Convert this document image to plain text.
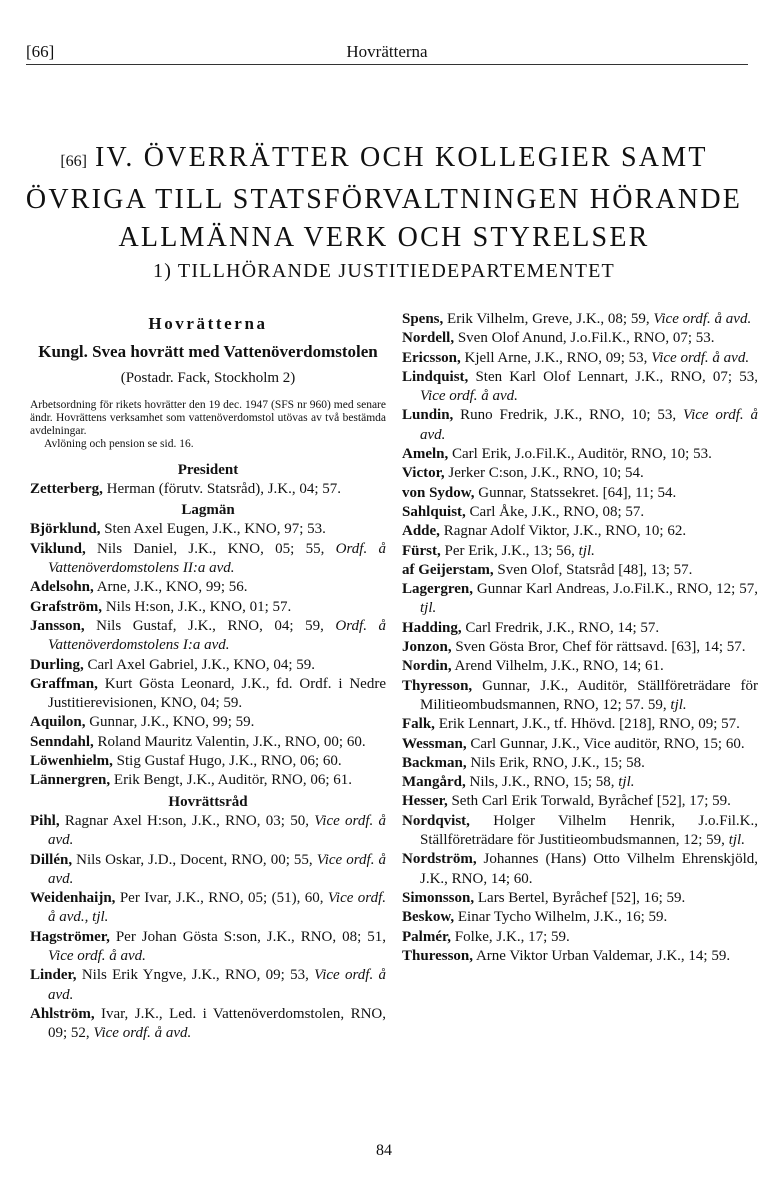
[66]	Hovrätterna
[66] IV. ÖVERRÄTTER OCH KOLLEGIER SAMT
ÖVRIGA TILL STATSFÖRVALTNINGEN HÖRANDE
ALLMÄNNA VERK OCH STYRELSER
1) TILLHÖRANDE JUSTITIEDEPARTEMENTET
Hovrätterna
Kungl. Svea hovrätt med Vattenöverdomstolen
(Postadr. Fack, Stockholm 2)
Arbetsordning för rikets hovrätter den 19 dec. 1947 (SFS nr 960) med senare ändr. Hovrättens verksamhet som vattenöverdomstol utövas av två bestämda avdelningar.
Avlöning och pension se sid. 16.
President
Zetterberg, Herman (förutv. Statsråd), J.K., 04; 57.
Lagmän
Björklund, Sten Axel Eugen, J.K., KNO, 97; 53.
Viklund, Nils Daniel, J.K., KNO, 05; 55, Ordf. å Vattenöverdomstolens II:a avd.
Adelsohn, Arne, J.K., KNO, 99; 56.
Grafström, Nils H:son, J.K., KNO, 01; 57.
Jansson, Nils Gustaf, J.K., RNO, 04; 59, Ordf. å Vattenöverdomstolens I:a avd.
Durling, Carl Axel Gabriel, J.K., KNO, 04; 59.
Graffman, Kurt Gösta Leonard, J.K., fd. Ordf. i Nedre Justitierevisionen, KNO, 04; 59.
Aquilon, Gunnar, J.K., KNO, 99; 59.
Senndahl, Roland Mauritz Valentin, J.K., RNO, 00; 60.
Löwenhielm, Stig Gustaf Hugo, J.K., RNO, 06; 60.
Lännergren, Erik Bengt, J.K., Auditör, RNO, 06; 61.
Hovrättsråd
Pihl, Ragnar Axel H:son, J.K., RNO, 03; 50, Vice ordf. å avd.
Dillén, Nils Oskar, J.D., Docent, RNO, 00; 55, Vice ordf. å avd.
Weidenhaijn, Per Ivar, J.K., RNO, 05; (51), 60, Vice ordf. å avd., tjl.
Hagströmer, Per Johan Gösta S:son, J.K., RNO, 08; 51, Vice ordf. å avd.
Linder, Nils Erik Yngve, J.K., RNO, 09; 53, Vice ordf. å avd.
Ahlström, Ivar, J.K., Led. i Vattenöverdomstolen, RNO, 09; 52, Vice ordf. å avd.
Spens, Erik Vilhelm, Greve, J.K., 08; 59, Vice ordf. å avd.
Nordell, Sven Olof Anund, J.o.Fil.K., RNO, 07; 53.
Ericsson, Kjell Arne, J.K., RNO, 09; 53, Vice ordf. å avd.
Lindquist, Sten Karl Olof Lennart, J.K., RNO, 07; 53, Vice ordf. å avd.
Lundin, Runo Fredrik, J.K., RNO, 10; 53, Vice ordf. å avd.
Ameln, Carl Erik, J.o.Fil.K., Auditör, RNO, 10; 53.
Victor, Jerker C:son, J.K., RNO, 10; 54.
von Sydow, Gunnar, Statssekret. [64], 11; 54.
Sahlquist, Carl Åke, J.K., RNO, 08; 57.
Adde, Ragnar Adolf Viktor, J.K., RNO, 10; 62.
Fürst, Per Erik, J.K., 13; 56, tjl.
af Geijerstam, Sven Olof, Statsråd [48], 13; 57.
Lagergren, Gunnar Karl Andreas, J.o.Fil.K., RNO, 12; 57, tjl.
Hadding, Carl Fredrik, J.K., RNO, 14; 57.
Jonzon, Sven Gösta Bror, Chef för rättsavd. [63], 14; 57.
Nordin, Arend Vilhelm, J.K., RNO, 14; 61.
Thyresson, Gunnar, J.K., Auditör, Ställföreträdare för Militieombudsmannen, RNO, 12; 57. 59, tjl.
Falk, Erik Lennart, J.K., tf. Hhövd. [218], RNO, 09; 57.
Wessman, Carl Gunnar, J.K., Vice auditör, RNO, 15; 60.
Backman, Nils Erik, RNO, J.K., 15; 58.
Mangård, Nils, J.K., RNO, 15; 58, tjl.
Hesser, Seth Carl Erik Torwald, Byråchef [52], 17; 59.
Nordqvist, Holger Vilhelm Henrik, J.o.Fil.K., Ställföreträdare för Justitieombudsmannen, 12; 59, tjl.
Nordström, Johannes (Hans) Otto Vilhelm Ehrenskjöld, J.K., RNO, 14; 60.
Simonsson, Lars Bertel, Byråchef [52], 16; 59.
Beskow, Einar Tycho Wilhelm, J.K., 16; 59.
Palmér, Folke, J.K., 17; 59.
Thuresson, Arne Viktor Urban Valdemar, J.K., 14; 59.
84
